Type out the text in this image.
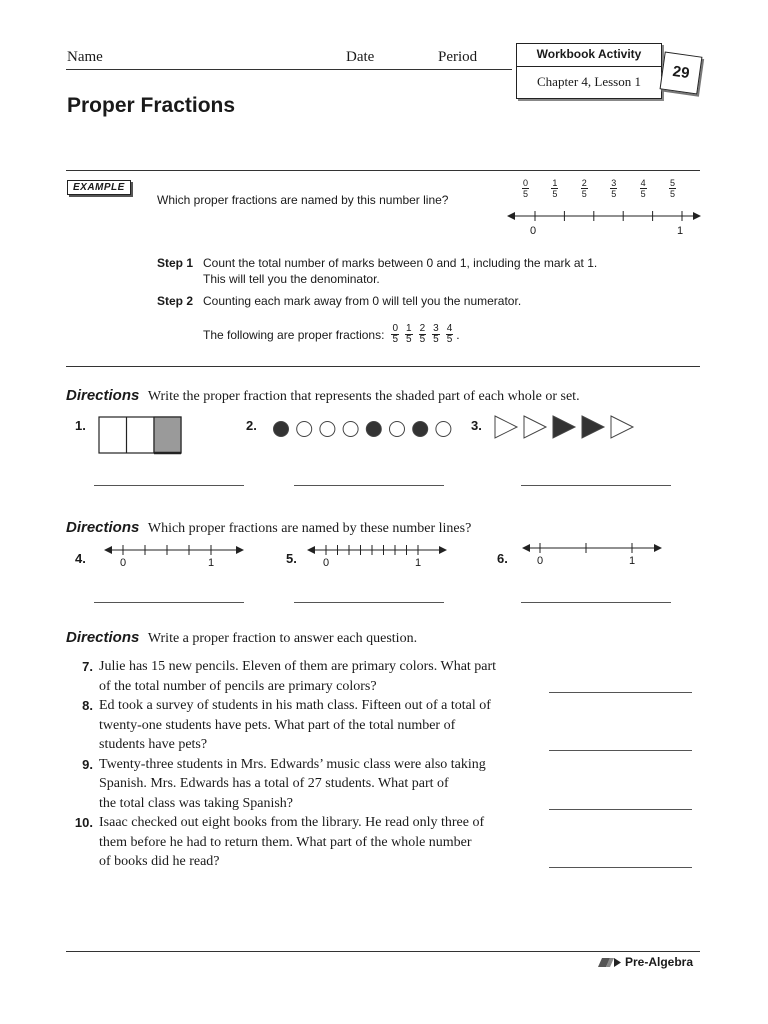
Name	Date	Period	Workbook Activity
Chapter 4, Lesson 1	29
Proper Fractions
EXAMPLE
Which proper fractions are named by this number line?
$\frac{0}{5} \frac{1}{5} \frac{2}{5} \frac{3}{5} \frac{4}{5} \frac{5}{5}$
0	1
Step 1 Count the total number of marks between 0 and 1, including the mark at 1.
This will tell you the denominator.
Step 2 Counting each mark away from 0 will tell you the numerator.
The following are proper fractions: $\frac{0}{5} \frac{1}{5} \frac{2}{5} \frac{3}{5} \frac{4}{5}$ .
Directions Write the proper fraction that represents the shaded part of each whole or set.
1.	2.	3.
Directions Which proper fractions are named by these number lines?
4.	0	1	5. 0	1	6.	0	1
Directions Write a proper fraction to answer each question.
7. Julie has 15 new pencils. Eleven of them are primary colors. What part
of the total number of pencils are primary colors?
8. Ed took a survey of students in his math class. Fifteen out of a total of
twenty-one students have pets. What part of the total number of
students have pets?
9. Twenty-three students in Mrs. Edwards’ music class were also taking
Spanish. Mrs. Edwards has a total of 27 students. What part of
the total class was taking Spanish?
10. Isaac checked out eight books from the library. He read only three of
them before he had to return them. What part of the whole number
of books did he read?
Pre-Algebra
